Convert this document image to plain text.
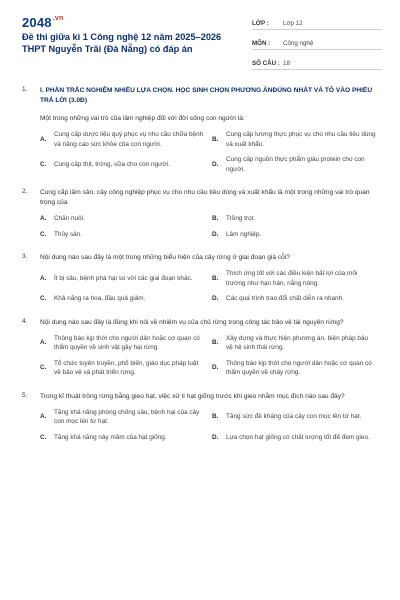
$2048^{.vn}$
Đề thi giữa kì 1 Công nghệ 12 năm 2025–2026 THPT Nguyễn Trãi (Đà Nẵng) có đáp án
LỚP :	Lớp 12
MÔN :	Công nghệ
SỐ CÂU : 18
1.	I. PHẦN TRẮC NGHIỆM NHIỀU LỰA CHỌN. HỌC SINH CHỌN PHƯƠNG ÁNĐÚNG NHẤT VÀ TÔ VÀO PHIẾU TRẢ LỜI (3.0Đ)
Một trong những vai trò của lâm nghiệp đối với đời sống con người là:
A.
Cung cấp dược liệu quý phục vụ nhu cầu chữa bệnh và nâng cao sức khỏe của con người.
B.
Cung cấp lương thực phục vụ cho nhu cầu tiêu dùng và xuất khẩu.
C.	Cung cấp thịt, trứng, sữa cho con người.	D.
Cung cấp nguồn thực phẩm giàu protein cho con người.
2.	Cung cấp lâm sản, cây công nghiệp phục vụ cho nhu cầu tiêu dùng và xuất khẩu là một trong những vai trò quan trọng của
A.	Chăn nuôi.	B.	Trồng trọt.
C.	Thủy sản.	D.	Lâm nghiệp.
3.	Nội dung nào sau đây là một trong những biểu hiện của cây rừng ở giai đoạn già cỗi?
A.	Ít bị sâu, bệnh phá hại so với các giai đoạn khác.	B.
Thích ứng tốt với các điều kiện bất lợi của môi trường như hạn hán, nắng nóng.
C.	Khả năng ra hoa, đậu quả giảm.	D.	Các quá trình trao đổi chất diễn ra nhanh.
4.	Nội dung nào sau đây là đúng khi nói về nhiệm vụ của chủ rừng trong công tác bảo vệ tài nguyên rừng?
A.
Thông báo kịp thời cho người dân hoặc cơ quan có thẩm quyền về sinh vật gây hại rừng.
B.
Xây dựng và thực hiện phương án, biện pháp bảo vệ hệ sinh thái rừng.
C.
Tổ chức tuyên truyền, phổ biến, giáo dục pháp luật về bảo vệ và phát triển rừng.
D.
Thông báo kịp thời cho người dân hoặc cơ quan có thẩm quyền về cháy rừng.
5.	Trong kĩ thuật trồng rừng bằng gieo hạt, việc xử lí hạt giống trước khi gieo nhằm mục đích nào sau đây?
A.
Tăng khả năng phòng chống sâu, bệnh hại của cây con mọc lên từ hạt.
B.	Tăng sức đề kháng của cây con mọc lên từ hạt.
C.	Tăng khả năng nảy mầm của hạt giống.	D.	Lựa chọn hạt giống có chất lượng tốt để đem gieo.
